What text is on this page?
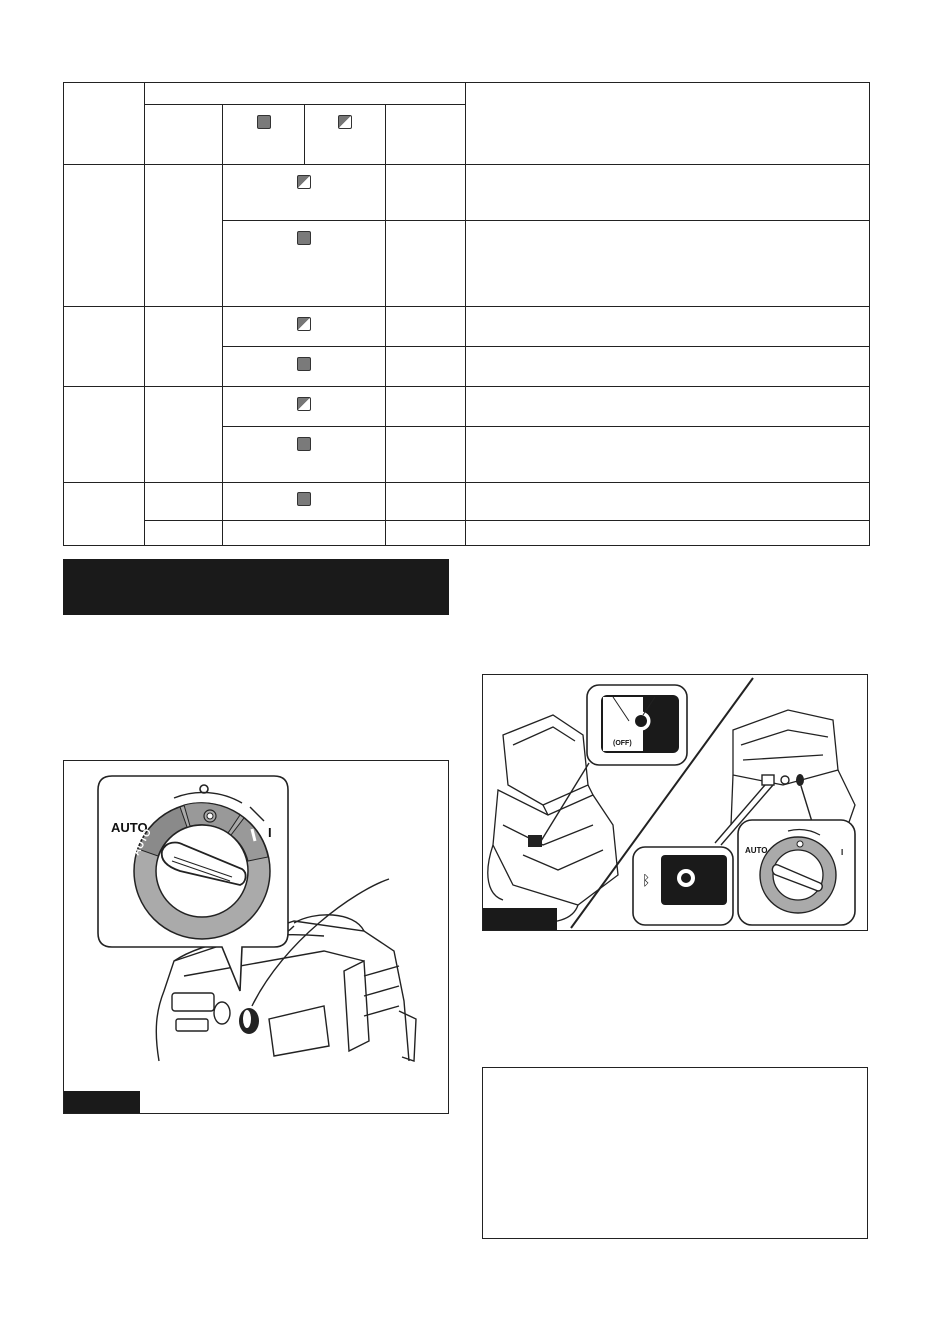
AUTO	I
AUTO
(OFF)
ᛒ
AUTO	I
